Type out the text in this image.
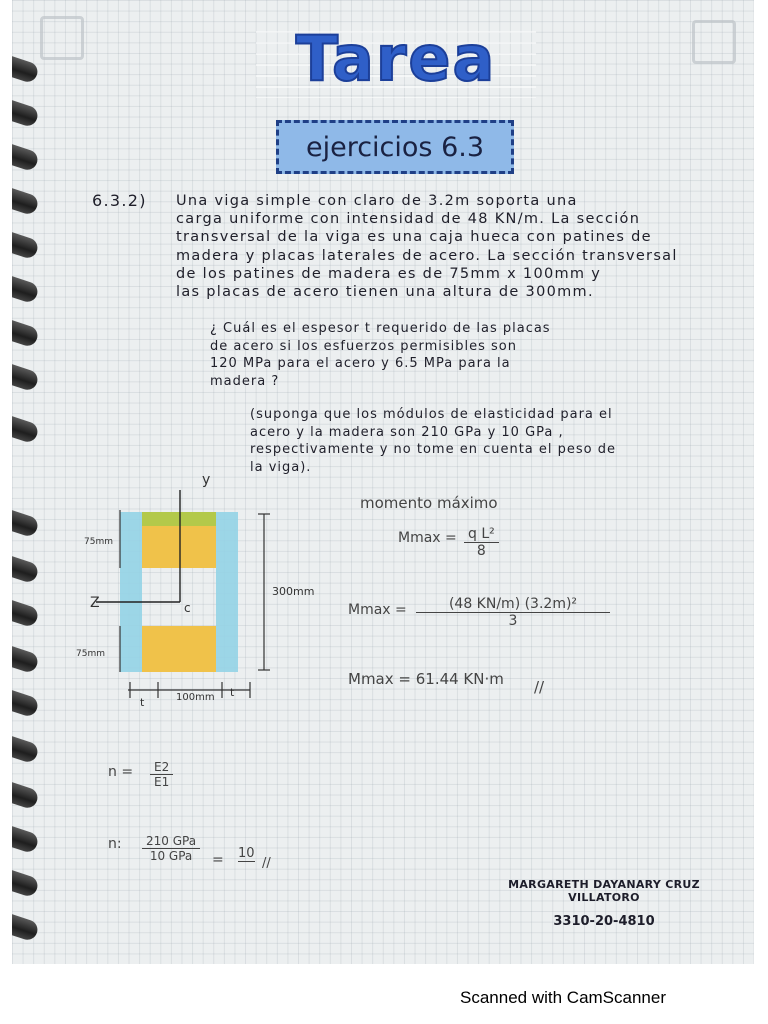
Tarea
ejercicios 6.3
6.3.2) Una viga simple con claro de 3.2m soporta una

carga uniforme con intensidad de 48 KN/m. La sección

transversal de la viga es una caja hueca con patines de

madera y placas laterales de acero. La sección transversal

de los patines de madera es de 75mm x 100mm y

las placas de acero tienen una altura de 300mm.

¿ Cuál es el espesor t requerido de las placas

de acero si los esfuerzos permisibles son

120 MPa para el acero y 6.5 MPa para la

madera ?

(suponga que los módulos de elasticidad para el

acero y la madera son 210 GPa y 10 GPa ,

respectivamente y no tome en cuenta el peso de

la viga).

y
Z	c
75mm
75mm
300mm
t	100mm t
momento máximo
$Mmax = \frac{\text{q L²}}{8}$
$Mmax = \frac{\text{(48 KN/m) (3.2m)²}}{3}$
Mmax = 61.44 KN·m //
$n = \frac{E2}{E1}$
n:	210 GPa
10 GPa	= 10
//

MARGARETH DAYANARY CRUZ VILLATORO

3310-20-4810

Scanned with CamScanner
